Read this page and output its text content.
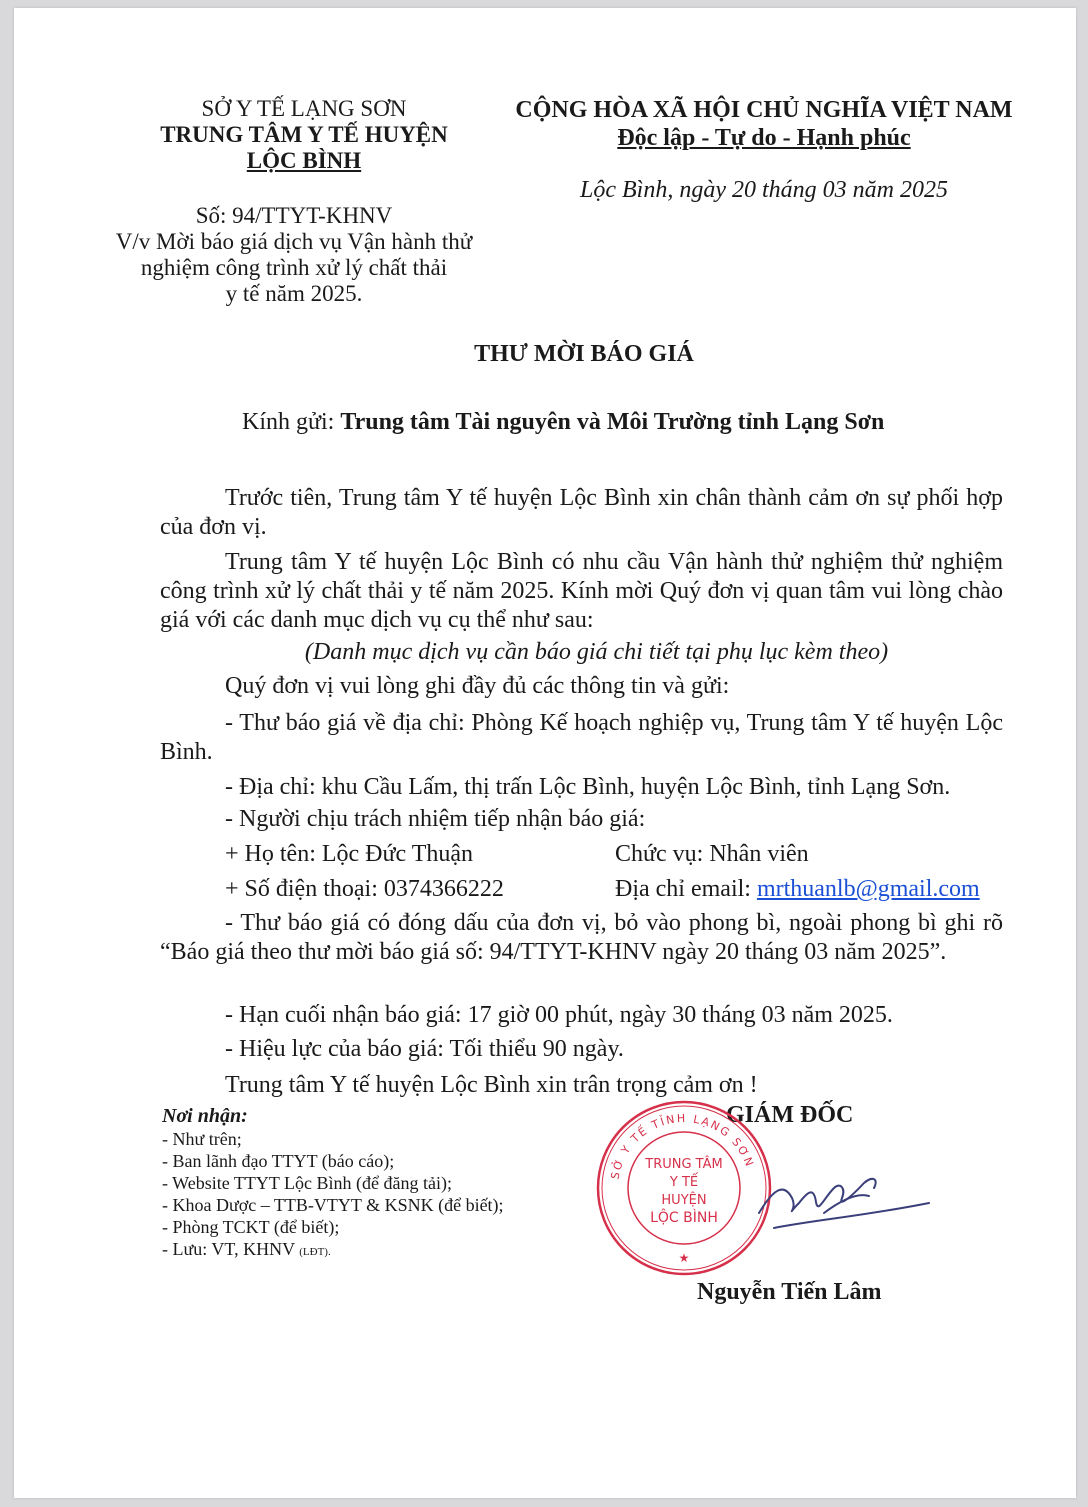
SỞ Y TẾ LẠNG SƠN
TRUNG TÂM Y TẾ HUYỆN
LỘC BÌNH
Số: 94/TTYT-KHNV
V/v Mời báo giá dịch vụ Vận hành thử
nghiệm công trình xử lý chất thải
y tế năm 2025.
CỘNG HÒA XÃ HỘI CHỦ NGHĨA VIỆT NAM
Độc lập - Tự do - Hạnh phúc
Lộc Bình, ngày 20 tháng 03 năm 2025
THƯ MỜI BÁO GIÁ
Kính gửi: Trung tâm Tài nguyên và Môi Trường tỉnh Lạng Sơn
Trước tiên, Trung tâm Y tế huyện Lộc Bình xin chân thành cảm ơn sự phối hợp của đơn vị.
Trung tâm Y tế huyện Lộc Bình có nhu cầu Vận hành thử nghiệm thử nghiệm công trình xử lý chất thải y tế năm 2025. Kính mời Quý đơn vị quan tâm vui lòng chào giá với các danh mục dịch vụ cụ thể như sau:
(Danh mục dịch vụ cần báo giá chi tiết tại phụ lục kèm theo)
Quý đơn vị vui lòng ghi đầy đủ các thông tin và gửi:
- Thư báo giá về địa chỉ: Phòng Kế hoạch nghiệp vụ, Trung tâm Y tế huyện Lộc Bình.
- Địa chỉ: khu Cầu Lấm, thị trấn Lộc Bình, huyện Lộc Bình, tỉnh Lạng Sơn.
- Người chịu trách nhiệm tiếp nhận báo giá:
+ Họ tên: Lộc Đức Thuận	Chức vụ: Nhân viên
+ Số điện thoại: 0374366222	Địa chỉ email: mrthuanlb@gmail.com
- Thư báo giá có đóng dấu của đơn vị, bỏ vào phong bì, ngoài phong bì ghi rõ “Báo giá theo thư mời báo giá số: 94/TTYT-KHNV ngày 20 tháng 03 năm 2025”.
- Hạn cuối nhận báo giá: 17 giờ 00 phút, ngày 30 tháng 03 năm 2025.
- Hiệu lực của báo giá: Tối thiểu 90 ngày.
Trung tâm Y tế huyện Lộc Bình xin trân trọng cảm ơn !
Nơi nhận:
- Như trên;
- Ban lãnh đạo TTYT (báo cáo);
- Website TTYT Lộc Bình (để đăng tải);
- Khoa Dược – TTB-VTYT & KSNK (để biết);
- Phòng TCKT (để biết);
- Lưu: VT, KHNV (LĐT).
GIÁM ĐỐC
SỞ Y TẾ TỈNH LẠNG SƠN
TRUNG TÂM
Y TẾ
HUYỆN
LỘC BÌNH
★
Nguyễn Tiến Lâm
